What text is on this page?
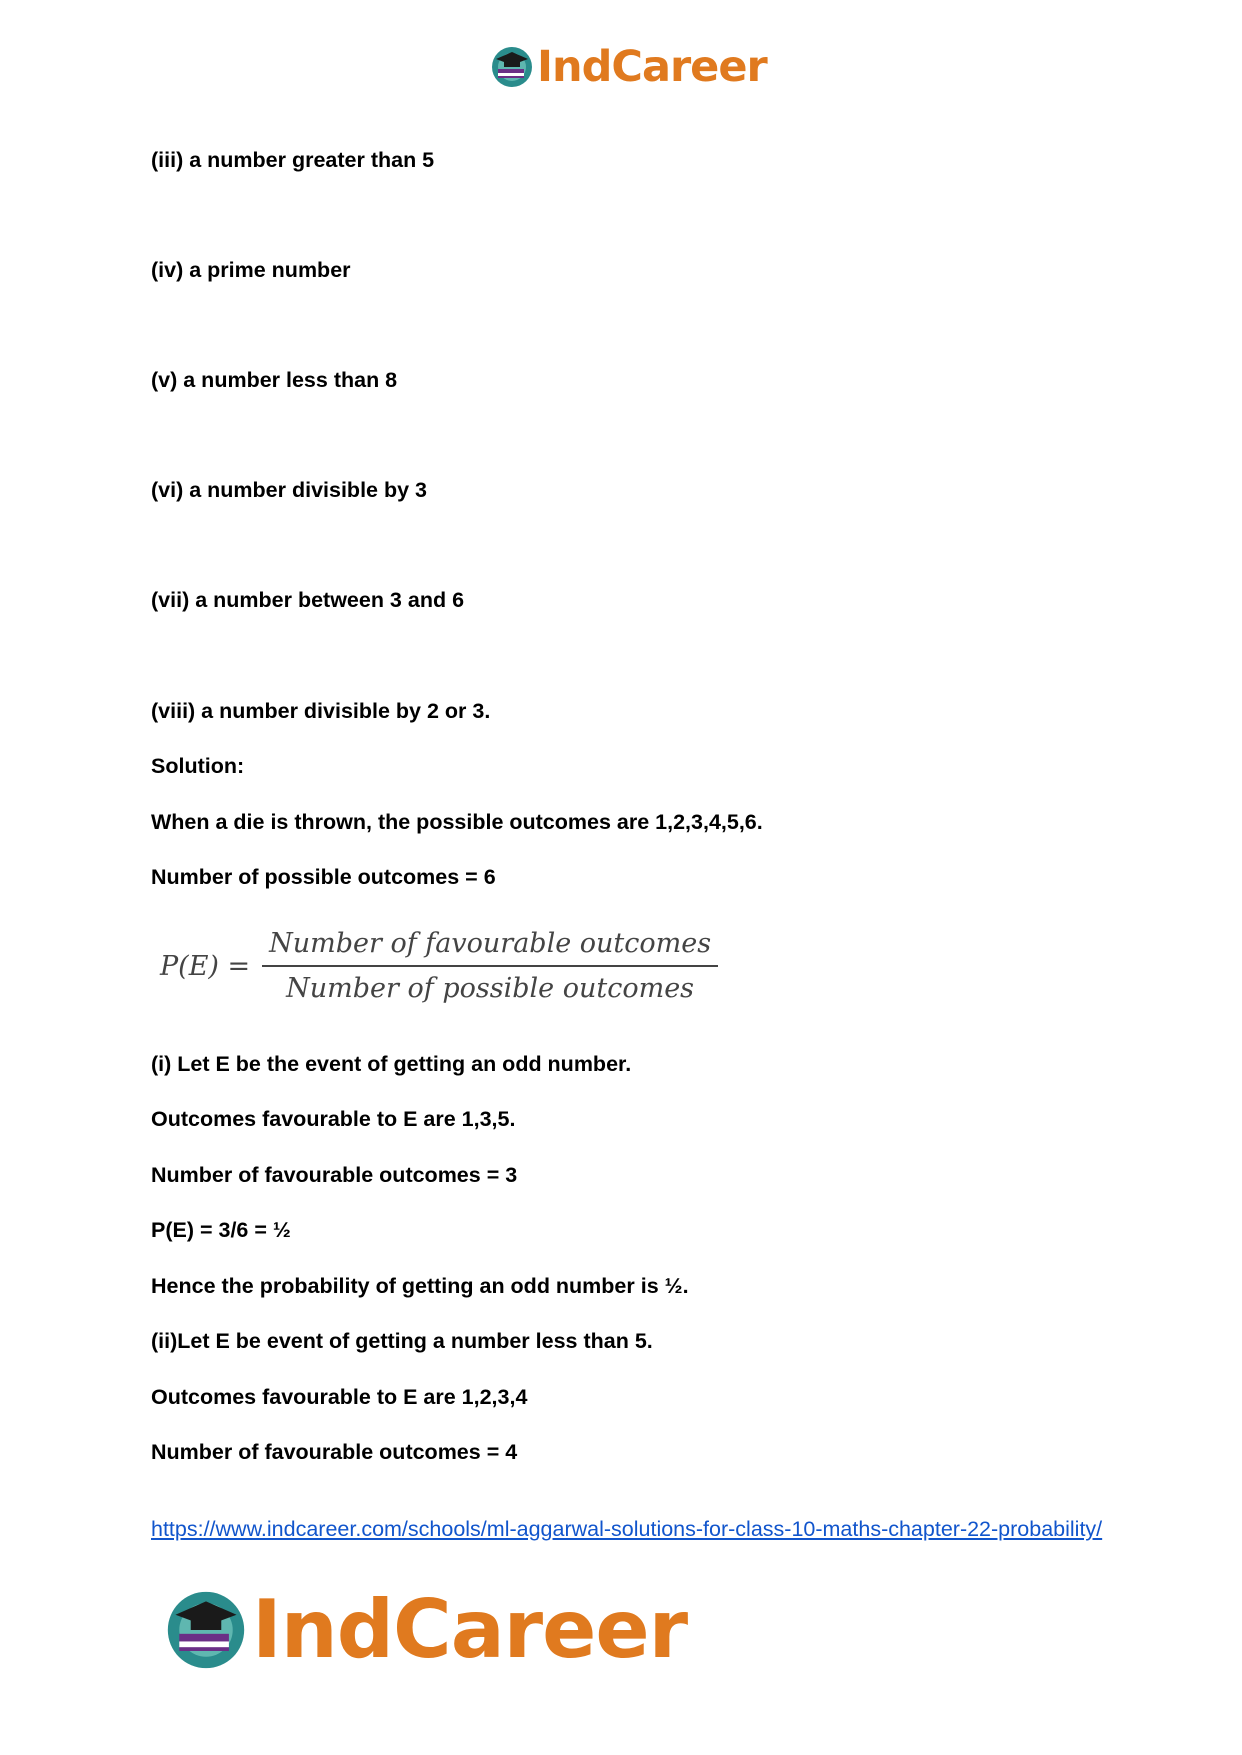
IndCareer
(iii) a number greater than 5
(iv) a prime number
(v) a number less than 8
(vi) a number divisible by 3
(vii) a number between 3 and 6
(viii) a number divisible by 2 or 3.
Solution:
When a die is thrown, the possible outcomes are 1,2,3,4,5,6.
Number of possible outcomes = 6
$P(E) = \frac{\text{Number of favourable outcomes}}{\text{Number of possible outcomes}}$
(i) Let E be the event of getting an odd number.
Outcomes favourable to E are 1,3,5.
Number of favourable outcomes = 3
P(E) = 3/6 = ½
Hence the probability of getting an odd number is ½.
(ii)Let E be event of getting a number less than 5.
Outcomes favourable to E are 1,2,3,4
Number of favourable outcomes = 4
https://www.indcareer.com/schools/ml-aggarwal-solutions-for-class-10-maths-chapter-22-probability/
IndCareer
